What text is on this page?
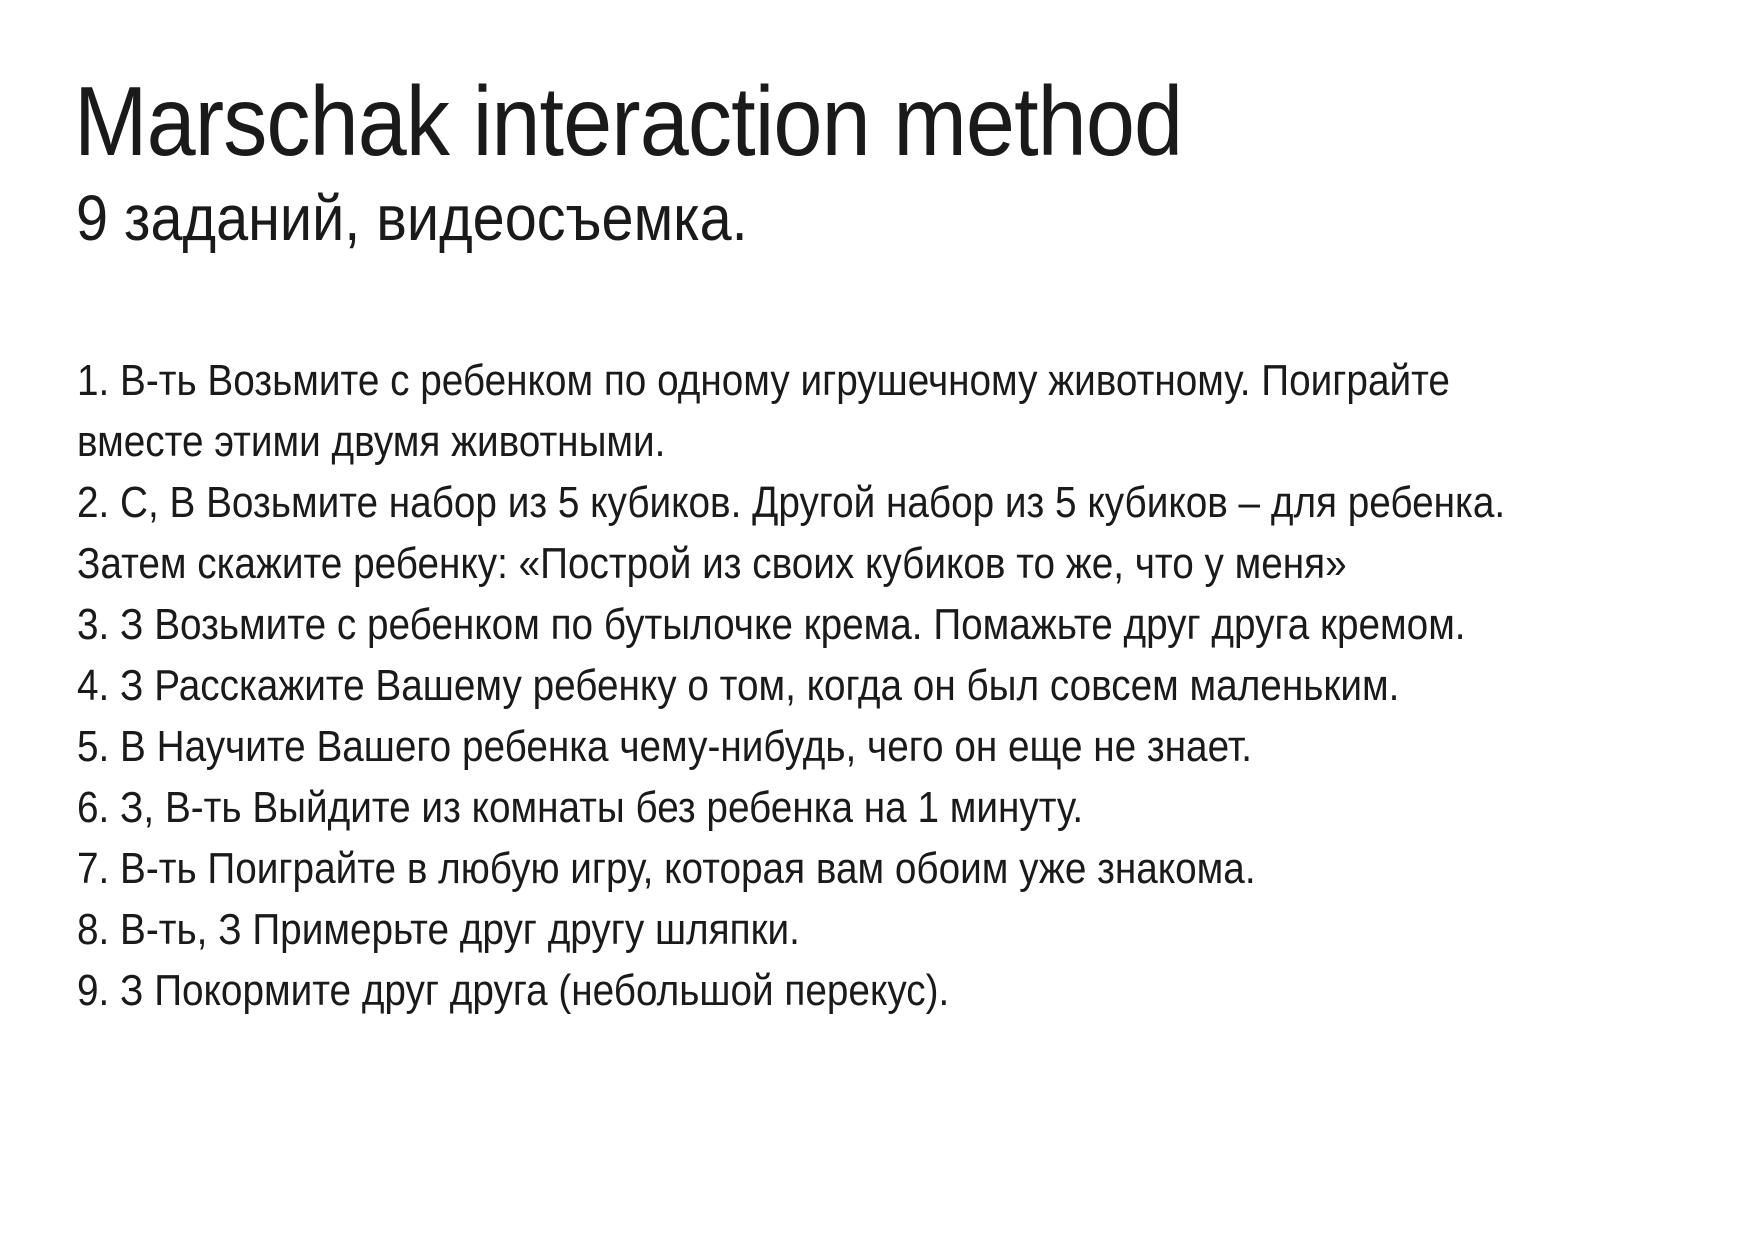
Marschak interaction method
9 заданий, видеосъемка.
1. В-ть Возьмите с ребенком по одному игрушечному животному. Поиграйте
вместе этими двумя животными.
2. С, В Возьмите набор из 5 кубиков. Другой набор из 5 кубиков – для ребенка.
Затем скажите ребенку: «Построй из своих кубиков то же, что у меня»
3. З Возьмите с ребенком по бутылочке крема. Помажьте друг друга кремом.
4. З Расскажите Вашему ребенку о том, когда он был совсем маленьким.
5. В Научите Вашего ребенка чему-нибудь, чего он еще не знает.
6. З, В-ть Выйдите из комнаты без ребенка на 1 минуту.
7. В-ть Поиграйте в любую игру, которая вам обоим уже знакома.
8. В-ть, З Примерьте друг другу шляпки.
9. З Покормите друг друга (небольшой перекус).
